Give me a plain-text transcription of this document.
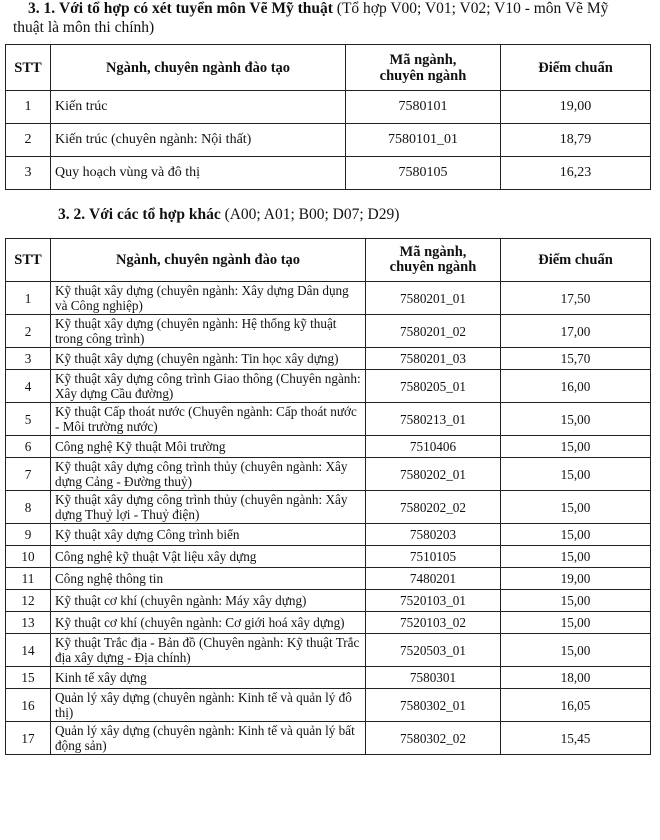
3. 1. Với tổ hợp có xét tuyển môn Vẽ Mỹ thuật (Tổ hợp V00; V01; V02; V10 - môn Vẽ Mỹ
thuật là môn thi chính)
STT	Ngành, chuyên ngành đào tạo	Mã ngành,
chuyên ngành	Điểm chuẩn
1	Kiến trúc	7580101	19,00
2	Kiến trúc (chuyên ngành: Nội thất)	7580101_01	18,79
3	Quy hoạch vùng và đô thị	7580105	16,23
3. 2. Với các tổ hợp khác (A00; A01; B00; D07; D29)
STT	Ngành, chuyên ngành đào tạo	Mã ngành,
chuyên ngành	Điểm chuẩn
1	Kỹ thuật xây dựng (chuyên ngành: Xây dựng Dân dụng và Công nghiệp)	7580201_01	17,50
2	Kỹ thuật xây dựng (chuyên ngành: Hệ thống kỹ thuật trong công trình)	7580201_02	17,00
3	Kỹ thuật xây dựng (chuyên ngành: Tin học xây dựng)	7580201_03	15,70
4	Kỹ thuật xây dựng công trình Giao thông (Chuyên ngành: Xây dựng Cầu đường)	7580205_01	16,00
5	Kỹ thuật Cấp thoát nước (Chuyên ngành: Cấp thoát nước - Môi trường nước)	7580213_01	15,00
6	Công nghệ Kỹ thuật Môi trường	7510406	15,00
7	Kỹ thuật xây dựng công trình thủy (chuyên ngành: Xây dựng Cảng - Đường thuỷ)	7580202_01	15,00
8	Kỹ thuật xây dựng công trình thủy (chuyên ngành: Xây dựng Thuỷ lợi - Thuỷ điện)	7580202_02	15,00
9	Kỹ thuật xây dựng Công trình biển	7580203	15,00
10	Công nghệ kỹ thuật Vật liệu xây dựng	7510105	15,00
11	Công nghệ thông tin	7480201	19,00
12	Kỹ thuật cơ khí (chuyên ngành: Máy xây dựng)	7520103_01	15,00
13	Kỹ thuật cơ khí (chuyên ngành: Cơ giới hoá xây dựng)	7520103_02	15,00
14	Kỹ thuật Trắc địa - Bản đồ (Chuyên ngành: Kỹ thuật Trắc địa xây dựng - Địa chính)	7520503_01	15,00
15	Kinh tế xây dựng	7580301	18,00
16	Quản lý xây dựng (chuyên ngành: Kinh tế và quản lý đô thị)	7580302_01	16,05
17	Quản lý xây dựng (chuyên ngành: Kinh tế và quản lý bất động sản)	7580302_02	15,45
